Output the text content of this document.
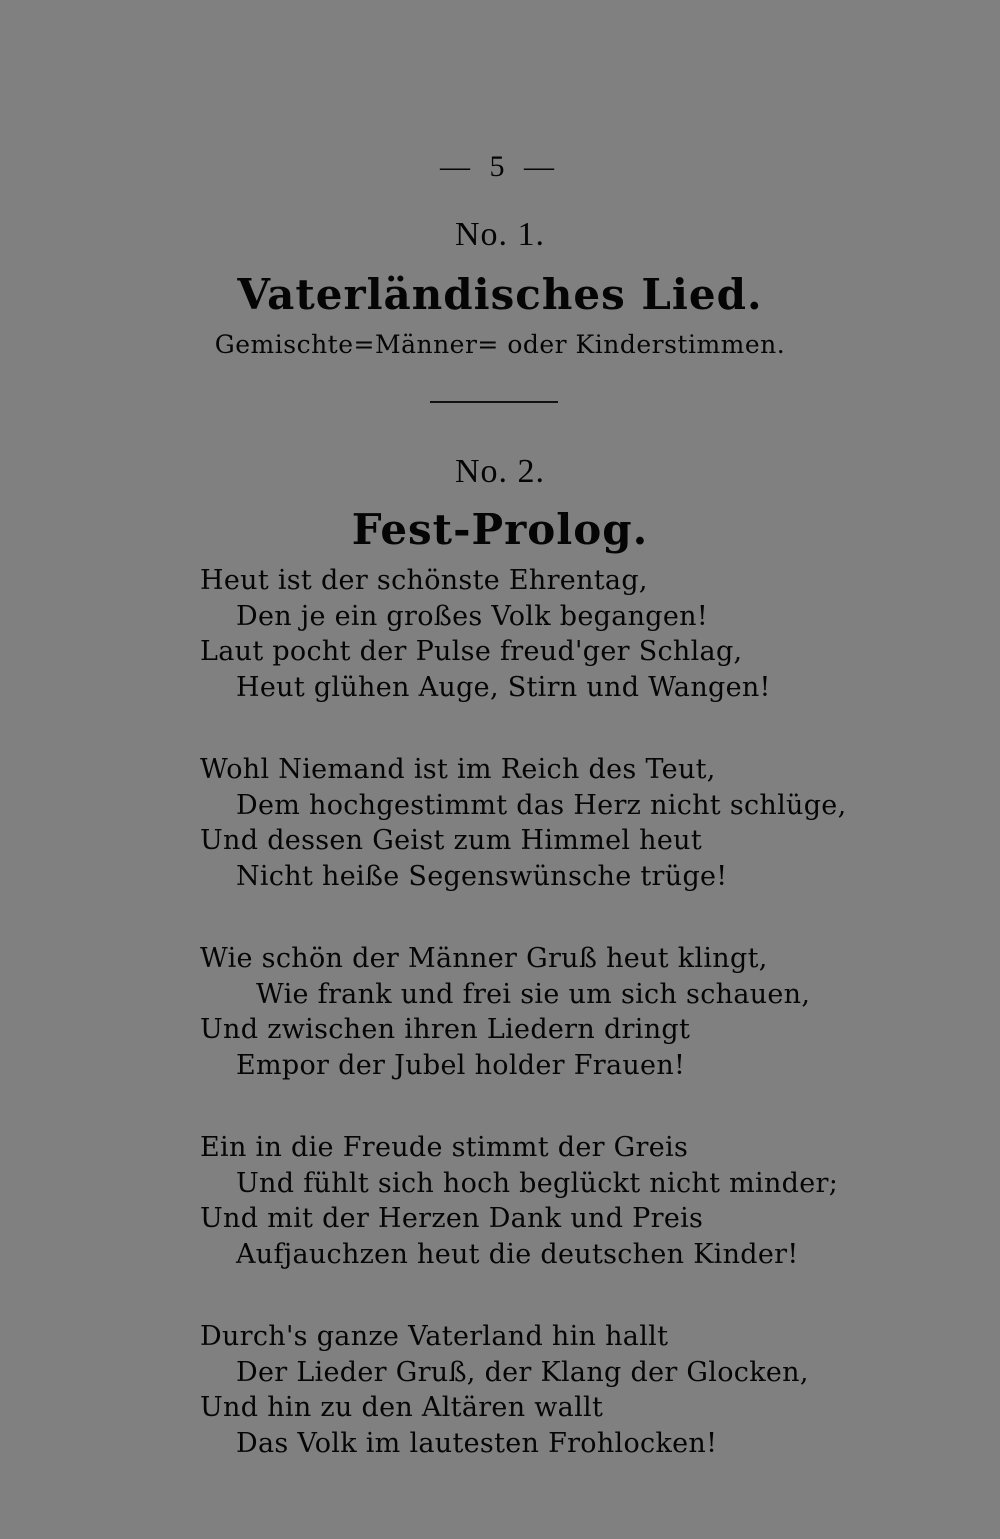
— 5 —
No. 1.
Vaterländisches Lied.
Gemischte=Männer= oder Kinderstimmen.
No. 2.
Fest-Prolog.
Heut ist der schönste Ehrentag,
Den je ein großes Volk begangen!
Laut pocht der Pulse freud'ger Schlag,
Heut glühen Auge, Stirn und Wangen!
Wohl Niemand ist im Reich des Teut,
Dem hochgestimmt das Herz nicht schlüge,
Und dessen Geist zum Himmel heut
Nicht heiße Segenswünsche trüge!
Wie schön der Männer Gruß heut klingt,
Wie frank und frei sie um sich schauen,
Und zwischen ihren Liedern dringt
Empor der Jubel holder Frauen!
Ein in die Freude stimmt der Greis
Und fühlt sich hoch beglückt nicht minder;
Und mit der Herzen Dank und Preis
Aufjauchzen heut die deutschen Kinder!
Durch's ganze Vaterland hin hallt
Der Lieder Gruß, der Klang der Glocken,
Und hin zu den Altären wallt
Das Volk im lautesten Frohlocken!
